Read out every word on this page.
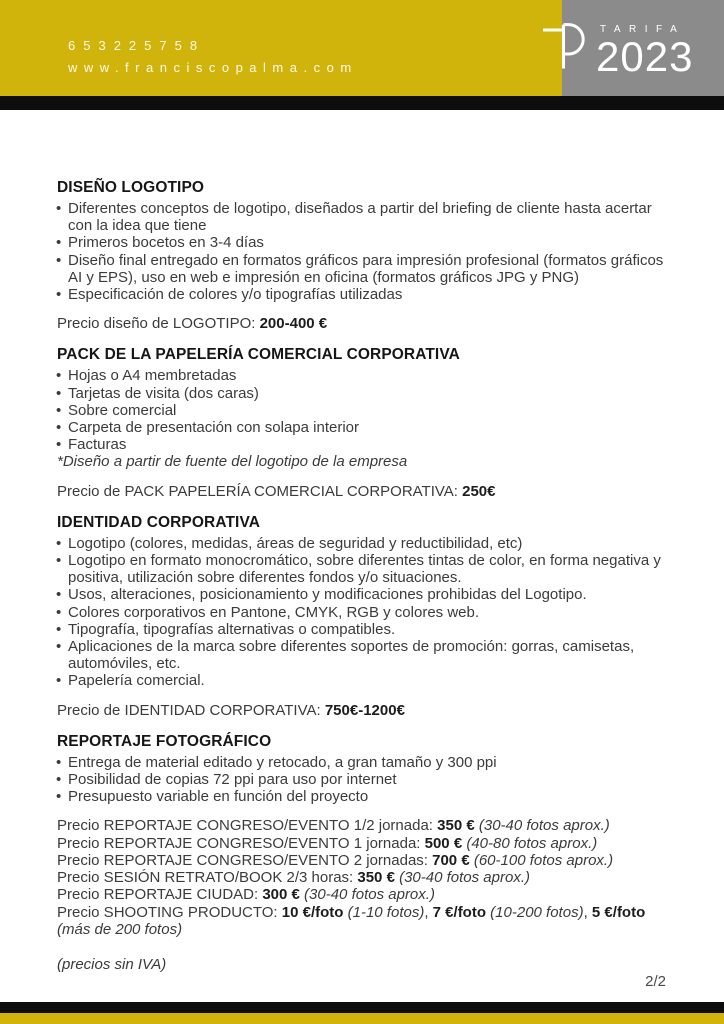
653225758
www.franciscopalma.com
TARIFA
2023
DISEÑO LOGOTIPO
• Diferentes conceptos de logotipo, diseñados a partir del briefing de cliente hasta acertar con la idea que tiene
• Primeros bocetos en 3-4 días
• Diseño final entregado en formatos gráficos para impresión profesional (formatos gráficos AI y EPS), uso en web e impresión en oficina (formatos gráficos JPG y PNG)
• Especificación de colores y/o tipografías utilizadas

Precio diseño de LOGOTIPO: 200-400 €

PACK DE LA PAPELERÍA COMERCIAL CORPORATIVA
• Hojas o A4 membretadas
• Tarjetas de visita (dos caras)
• Sobre comercial
• Carpeta de presentación con solapa interior
• Facturas

*Diseño a partir de fuente del logotipo de la empresa

Precio de PACK PAPELERÍA COMERCIAL CORPORATIVA: 250€

IDENTIDAD CORPORATIVA
• Logotipo (colores, medidas, áreas de seguridad y reductibilidad, etc)
• Logotipo en formato monocromático, sobre diferentes tintas de color, en forma negativa y positiva, utilización sobre diferentes fondos y/o situaciones.
• Usos, alteraciones, posicionamiento y modificaciones prohibidas del Logotipo.
• Colores corporativos en Pantone, CMYK, RGB y colores web.
• Tipografía, tipografías alternativas o compatibles.
• Aplicaciones de la marca sobre diferentes soportes de promoción: gorras, camisetas, automóviles, etc.
• Papelería comercial.

Precio de IDENTIDAD CORPORATIVA: 750€-1200€

REPORTAJE FOTOGRÁFICO
• Entrega de material editado y retocado, a gran tamaño y 300 ppi
• Posibilidad de copias 72 ppi para uso por internet
• Presupuesto variable en función del proyecto

Precio REPORTAJE CONGRESO/EVENTO 1/2 jornada: 350 € (30-40 fotos aprox.)

Precio REPORTAJE CONGRESO/EVENTO 1 jornada: 500 € (40-80 fotos aprox.)

Precio REPORTAJE CONGRESO/EVENTO 2 jornadas: 700 € (60-100 fotos aprox.)

Precio SESIÓN RETRATO/BOOK 2/3 horas: 350 € (30-40 fotos aprox.)

Precio REPORTAJE CIUDAD: 300 € (30-40 fotos aprox.)

Precio SHOOTING PRODUCTO: 10 €/foto (1-10 fotos), 7 €/foto (10-200 fotos), 5 €/foto (más de 200 fotos)

(precios sin IVA)

2/2
